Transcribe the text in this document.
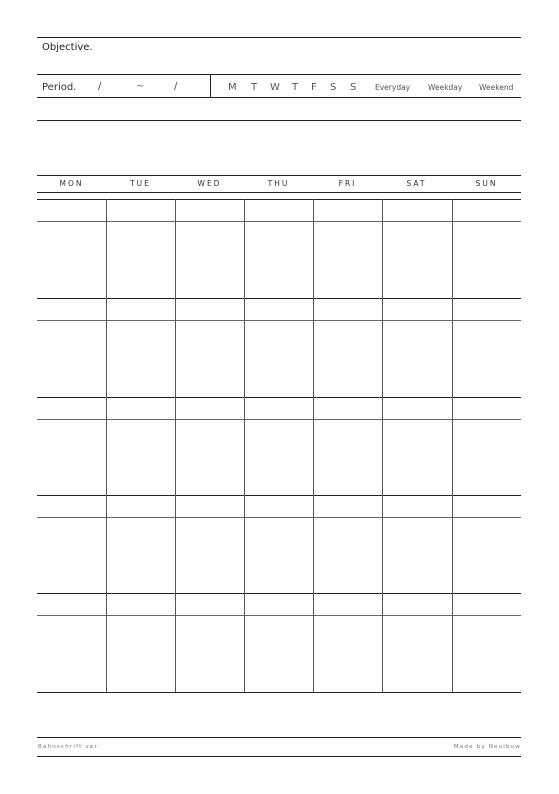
Objective.
Period. /	~	/	M T W T F S S Everyday Weekday Weekend
MON	TUE	WED	THU	FRI	SAT	SUN
Bahnschrift ver.	Made by Neulbow
